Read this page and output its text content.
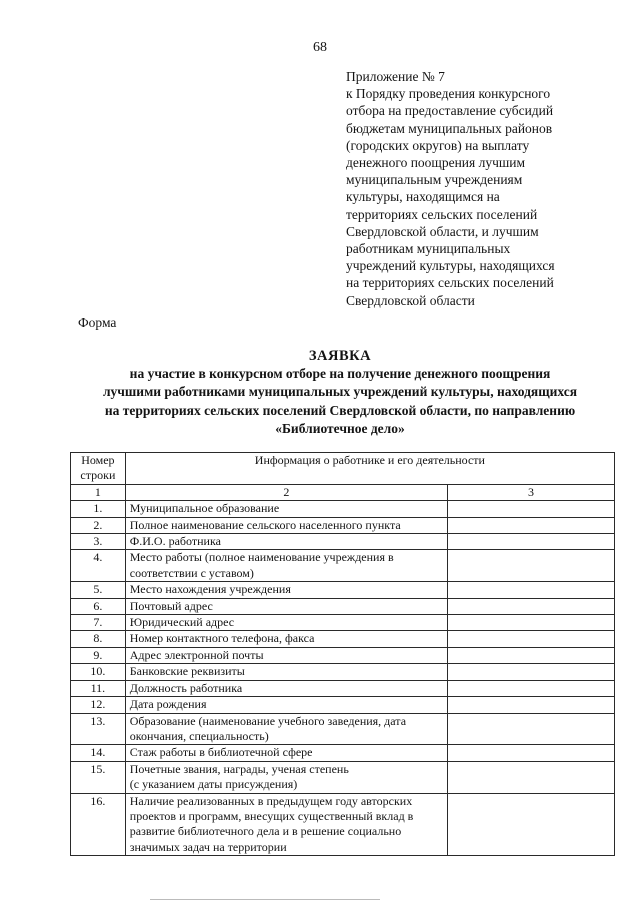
68
Приложение № 7
к Порядку проведения конкурсного
отбора на предоставление субсидий
бюджетам муниципальных районов
(городских округов) на выплату
денежного поощрения лучшим
муниципальным учреждениям
культуры, находящимся на
территориях сельских поселений
Свердловской области, и лучшим
работникам муниципальных
учреждений культуры, находящихся
на территориях сельских поселений
Свердловской области
Форма
ЗАЯВКА
на участие в конкурсном отборе на получение денежного поощрения
лучшими работниками муниципальных учреждений культуры, находящихся
на территориях сельских поселений Свердловской области, по направлению
«Библиотечное дело»
Номер
строки	Информация о работнике и его деятельности	
1	2	3
1.	Муниципальное образование	
2.	Полное наименование сельского населенного пункта	
3.	Ф.И.О. работника	
4.	Место работы (полное наименование учреждения в соответствии с уставом)	
5.	Место нахождения учреждения	
6.	Почтовый адрес	
7.	Юридический адрес	
8.	Номер контактного телефона, факса	
9.	Адрес электронной почты	
10.	Банковские реквизиты	
11.	Должность работника	
12.	Дата рождения	
13.	Образование (наименование учебного заведения, дата окончания, специальность)	
14.	Стаж работы в библиотечной сфере	
15.	Почетные звания, награды, ученая степень
(с указанием даты присуждения)	

16.	Наличие реализованных в предыдущем году авторских проектов и программ, внесущих существенный вклад в развитие библиотечного дела и в решение социально значимых задач на территории	
